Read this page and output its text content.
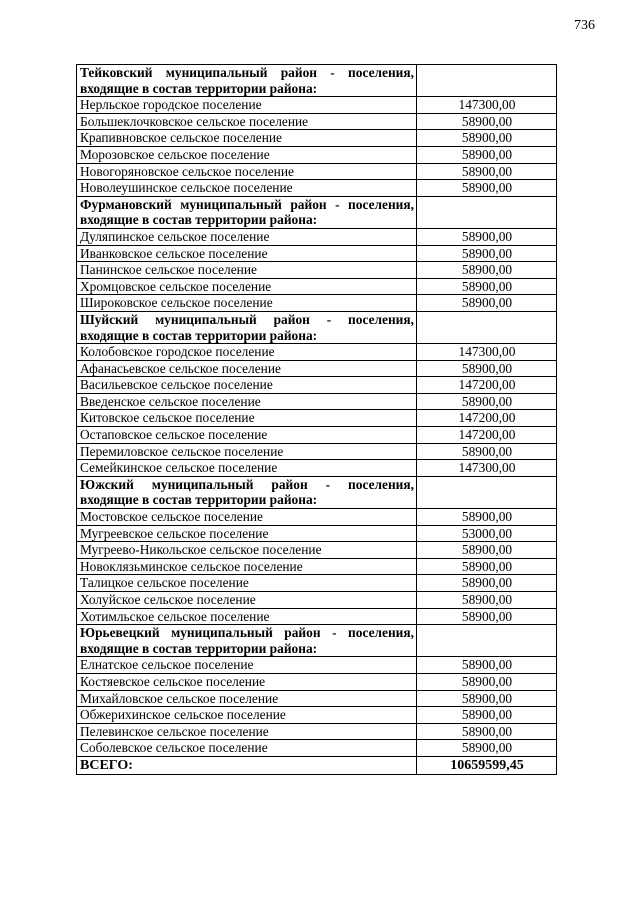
736
Тейковский муниципальный район - поселения, входящие в состав территории района:	
Нерльское городское поселение	147300,00
Большеклочковское сельское поселение	58900,00
Крапивновское сельское поселение	58900,00
Морозовское сельское поселение	58900,00
Новогоряновское сельское поселение	58900,00
Новолеушинское сельское поселение	58900,00
Фурмановский муниципальный район - поселения, входящие в состав территории района:	
Дуляпинское сельское поселение	58900,00
Иванковское сельское поселение	58900,00
Панинское сельское поселение	58900,00
Хромцовское сельское поселение	58900,00
Широковское сельское поселение	58900,00
Шуйский муниципальный район - поселения, входящие в состав территории района:	
Колобовское городское поселение	147300,00
Афанасьевское сельское поселение	58900,00
Васильевское сельское поселение	147200,00
Введенское сельское поселение	58900,00
Китовское сельское поселение	147200,00
Остаповское сельское поселение	147200,00
Перемиловское сельское поселение	58900,00
Семейкинское сельское поселение	147300,00
Южский муниципальный район - поселения, входящие в состав территории района:	
Мостовское сельское поселение	58900,00
Мугреевское сельское поселение	53000,00
Мугреево-Никольское сельское поселение	58900,00
Новоклязьминское сельское поселение	58900,00
Талицкое сельское поселение	58900,00
Холуйское сельское поселение	58900,00
Хотимльское сельское поселение	58900,00
Юрьевецкий муниципальный район - поселения, входящие в состав территории района:	
Елнатское сельское поселение	58900,00
Костяевское сельское поселение	58900,00
Михайловское сельское поселение	58900,00
Обжерихинское сельское поселение	58900,00
Пелевинское сельское поселение	58900,00
Соболевское сельское поселение	58900,00
ВСЕГО:	10659599,45
